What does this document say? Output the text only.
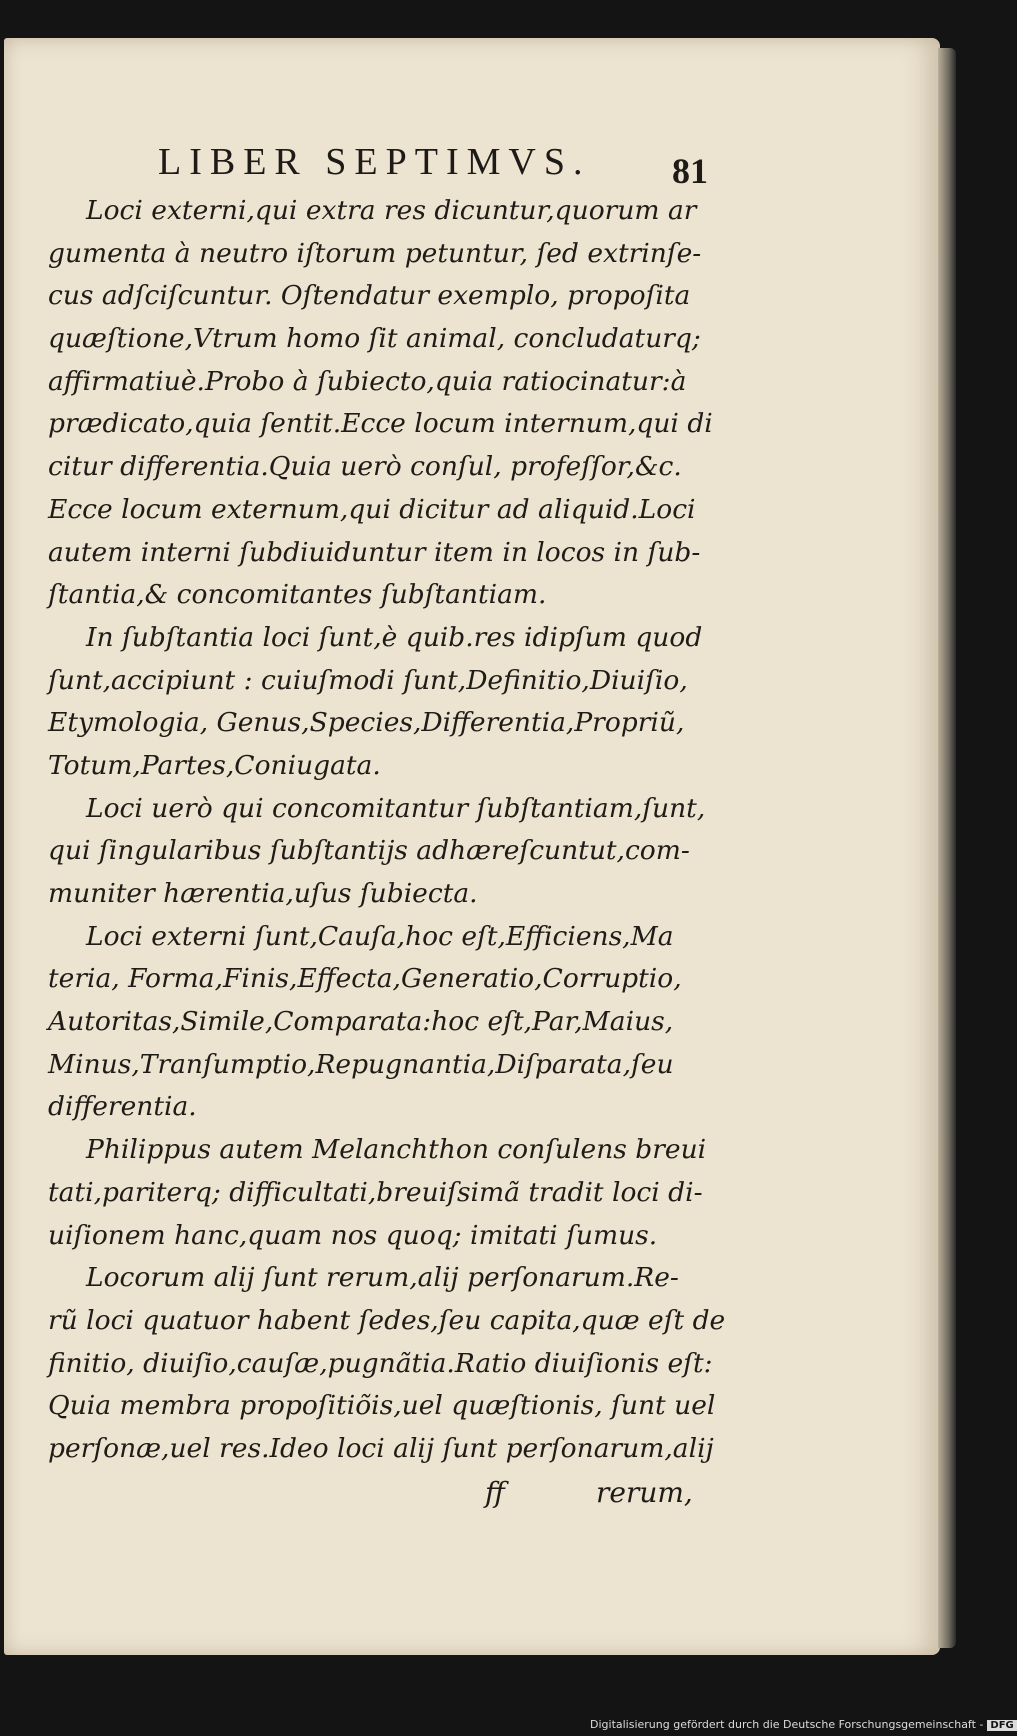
LIBER SEPTIMVS.	81
Loci externi,qui extra res dicuntur,quorum ar
gumenta à neutro iſtorum petuntur, ſed extrinſe-
cus adſciſcuntur. Oſtendatur exemplo, propoſita
quæſtione,Vtrum homo ſit animal, concludaturq;
affirmatiuè.Probo à ſubiecto,quia ratiocinatur:à
prædicato,quia ſentit.Ecce locum internum,qui di
citur differentia.Quia uerò conſul, profeſſor,&c.
Ecce locum externum,qui dicitur ad aliquid.Loci
autem interni ſubdiuiduntur item in locos in ſub-
ſtantia,& concomitantes ſubſtantiam.
In ſubſtantia loci ſunt,è quib.res idipſum quod
ſunt,accipiunt : cuiuſmodi ſunt,Definitio,Diuiſio,
Etymologia, Genus,Species,Differentia,Propriũ,
Totum,Partes,Coniugata.
Loci uerò qui concomitantur ſubſtantiam,ſunt,
qui ſingularibus ſubſtantijs adhæreſcuntut,com-
muniter hærentia,uſus ſubiecta.
Loci externi ſunt,Cauſa,hoc eſt,Efficiens,Ma
teria, Forma,Finis,Effecta,Generatio,Corruptio,
Autoritas,Simile,Comparata:hoc eſt,Par,Maius,
Minus,Tranſumptio,Repugnantia,Diſparata,ſeu
differentia.
Philippus autem Melanchthon conſulens breui
tati,pariterq; difficultati,breuiſsimã tradit loci di-
uiſionem hanc,quam nos quoq; imitati ſumus.
Locorum alij ſunt rerum,alij perſonarum.Re-
rũ loci quatuor habent ſedes,ſeu capita,quæ eſt de
finitio, diuiſio,cauſæ,pugnãtia.Ratio diuiſionis eſt:
Quia membra propoſitiõis,uel quæſtionis, ſunt uel
perſonæ,uel res.Ideo loci alij ſunt perſonarum,alij
ff	rerum,
Digitalisierung gefördert durch die Deutsche Forschungsgemeinschaft - DFG
